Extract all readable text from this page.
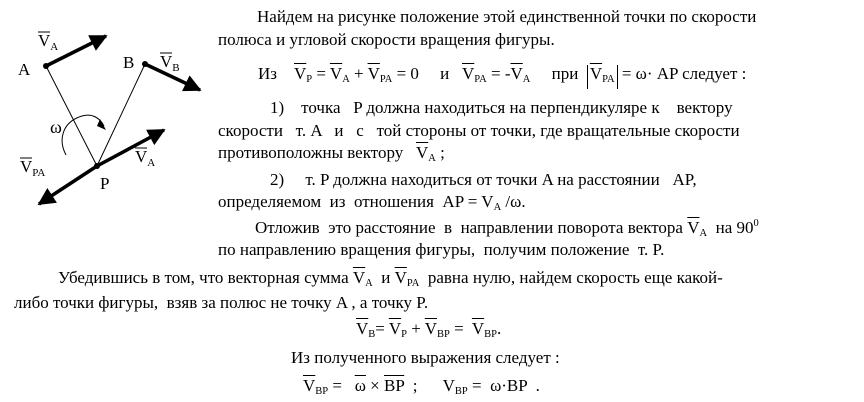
$V_A$
A	B $V_B$
ω
$V_{PA}$
P
$V_A$
Найдем на рисунке положение этой единственной точки по скорости
полюса и угловой скорости вращения фигуры.
Из $\overline{V}_P = \overline{V}_A + \overline{V}_{PA} = 0$     и   $\overline{V}_{PA} = -\overline{V}_A$     при  $\overline{V}_{PA} = \omega\cdot$ AP следует :
1)    точка   P должна находиться на перпендикуляре к    вектору
скорости   т. A   и   с   той стороны от точки, где вращательные скорости
противоположны вектору   $\overline{V}_A$ ;
2)     т. P должна находиться от точки A на расстоянии   AP,
определяемом  из  отношения  AP = $V_A$ /ω.
Отложив  это расстояние  в  направлении поворота вектора $\overline{V}_A$  на $90^0$
по направлению вращения фигуры,  получим положение  т. P.
Убедившись в том, что векторная сумма $\overline{V}_A$  и $\overline{V}_{PA}$  равна нулю, найдем скорость еще какой-
либо точки фигуры,  взяв за полюс не точку A , а точку P.
$\overline{V}_B= \overline{V}_P + \overline{V}_{BP} = \overline{V}_{BP}$.
Из полученного выражения следует :
$\overline{V}_{BP} = \overline{\omega} \times \overline{BP}$  ;      $V_{BP} = \omega\cdot BP$  .
